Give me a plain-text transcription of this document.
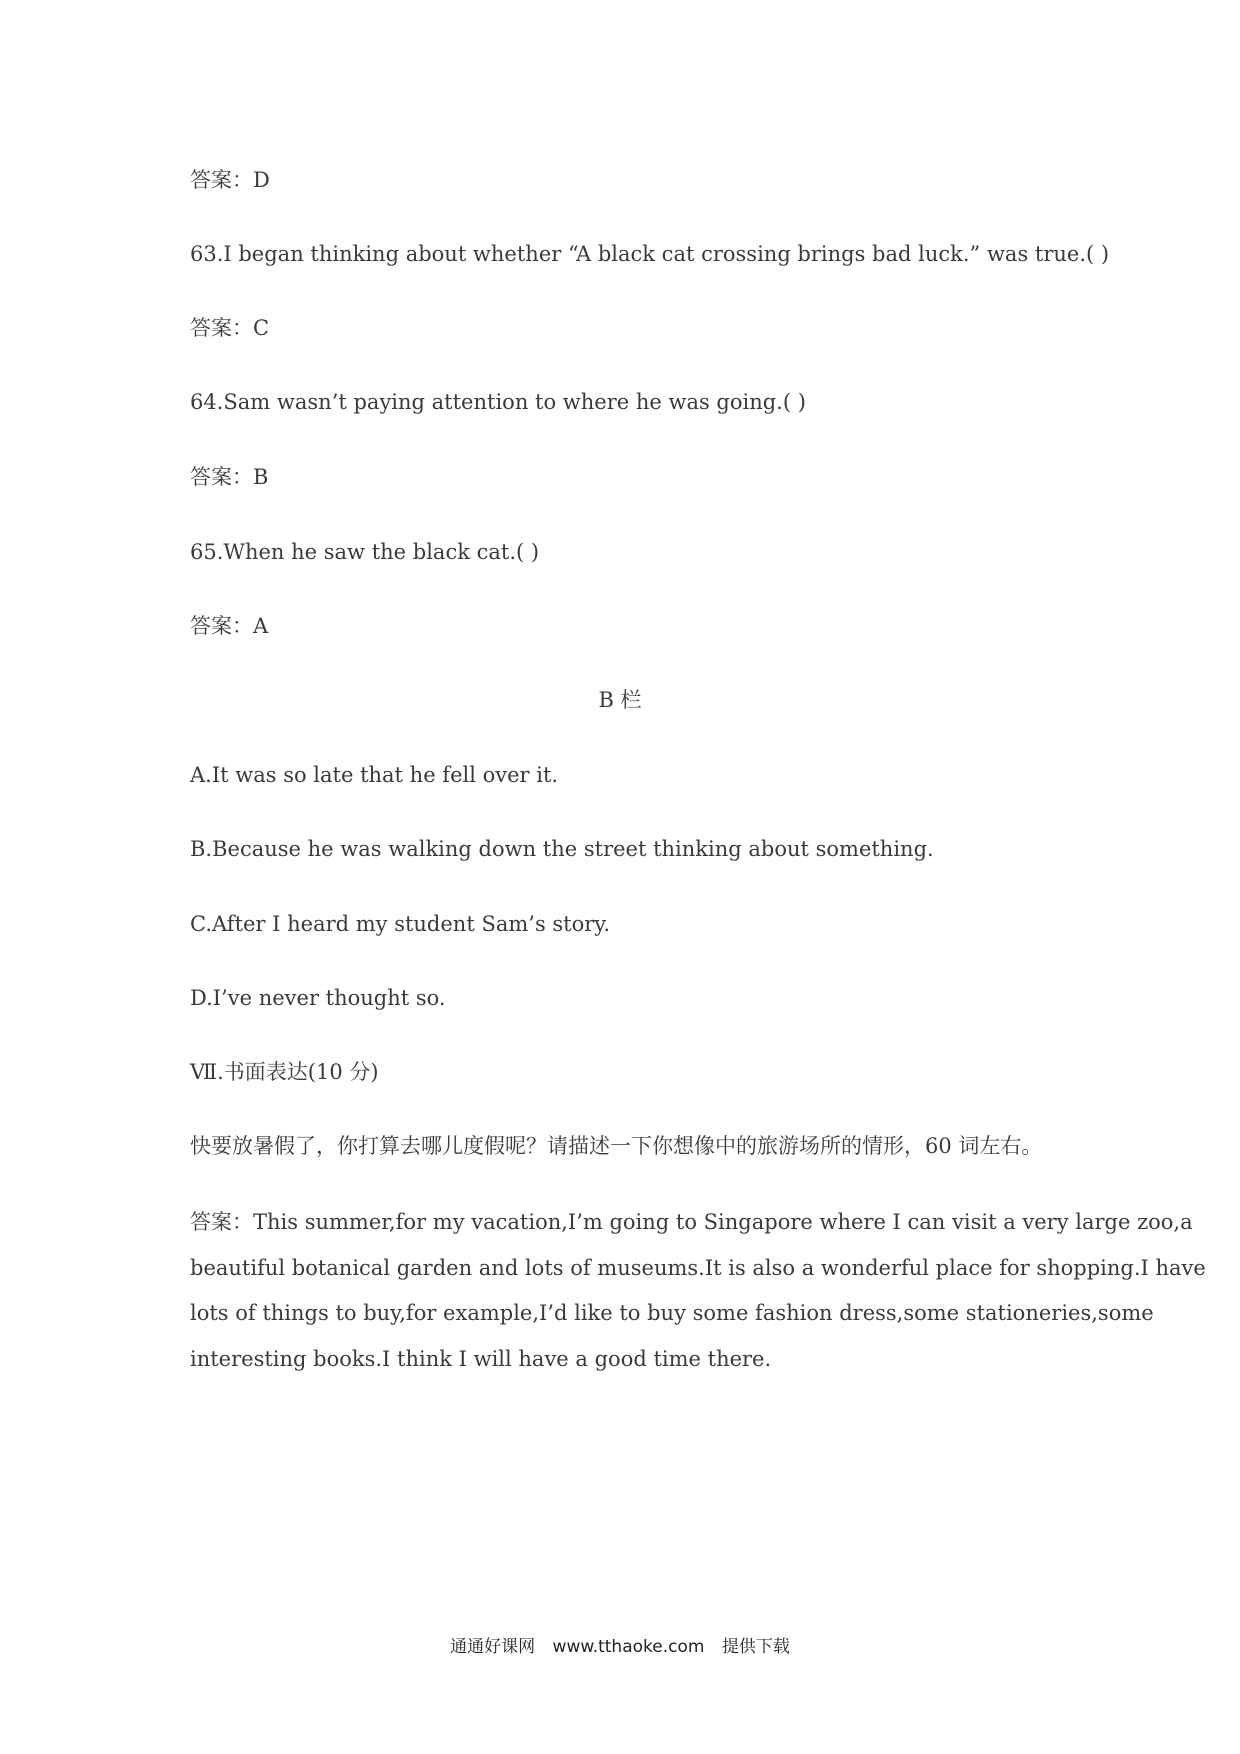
答案：D
63.I began thinking about whether “A black cat crossing brings bad luck.” was true.( )
答案：C
64.Sam wasn’t paying attention to where he was going.( )
答案：B
65.When he saw the black cat.( )
答案：A
B 栏
A.It was so late that he fell over it.
B.Because he was walking down the street thinking about something.
C.After I heard my student Sam’s story.
D.I’ve never thought so.
Ⅶ.书面表达(10 分)
快要放暑假了，你打算去哪儿度假呢？请描述一下你想像中的旅游场所的情形，60 词左右。

答案：This summer,for my vacation,I’m going to Singapore where I can visit a very large zoo,a

beautiful botanical garden and lots of museums.It is also a wonderful place for shopping.I have

lots of things to buy,for example,I’d like to buy some fashion dress,some stationeries,some

interesting books.I think I will have a good time there.

通通好课网 www.tthaoke.com 提供下载
